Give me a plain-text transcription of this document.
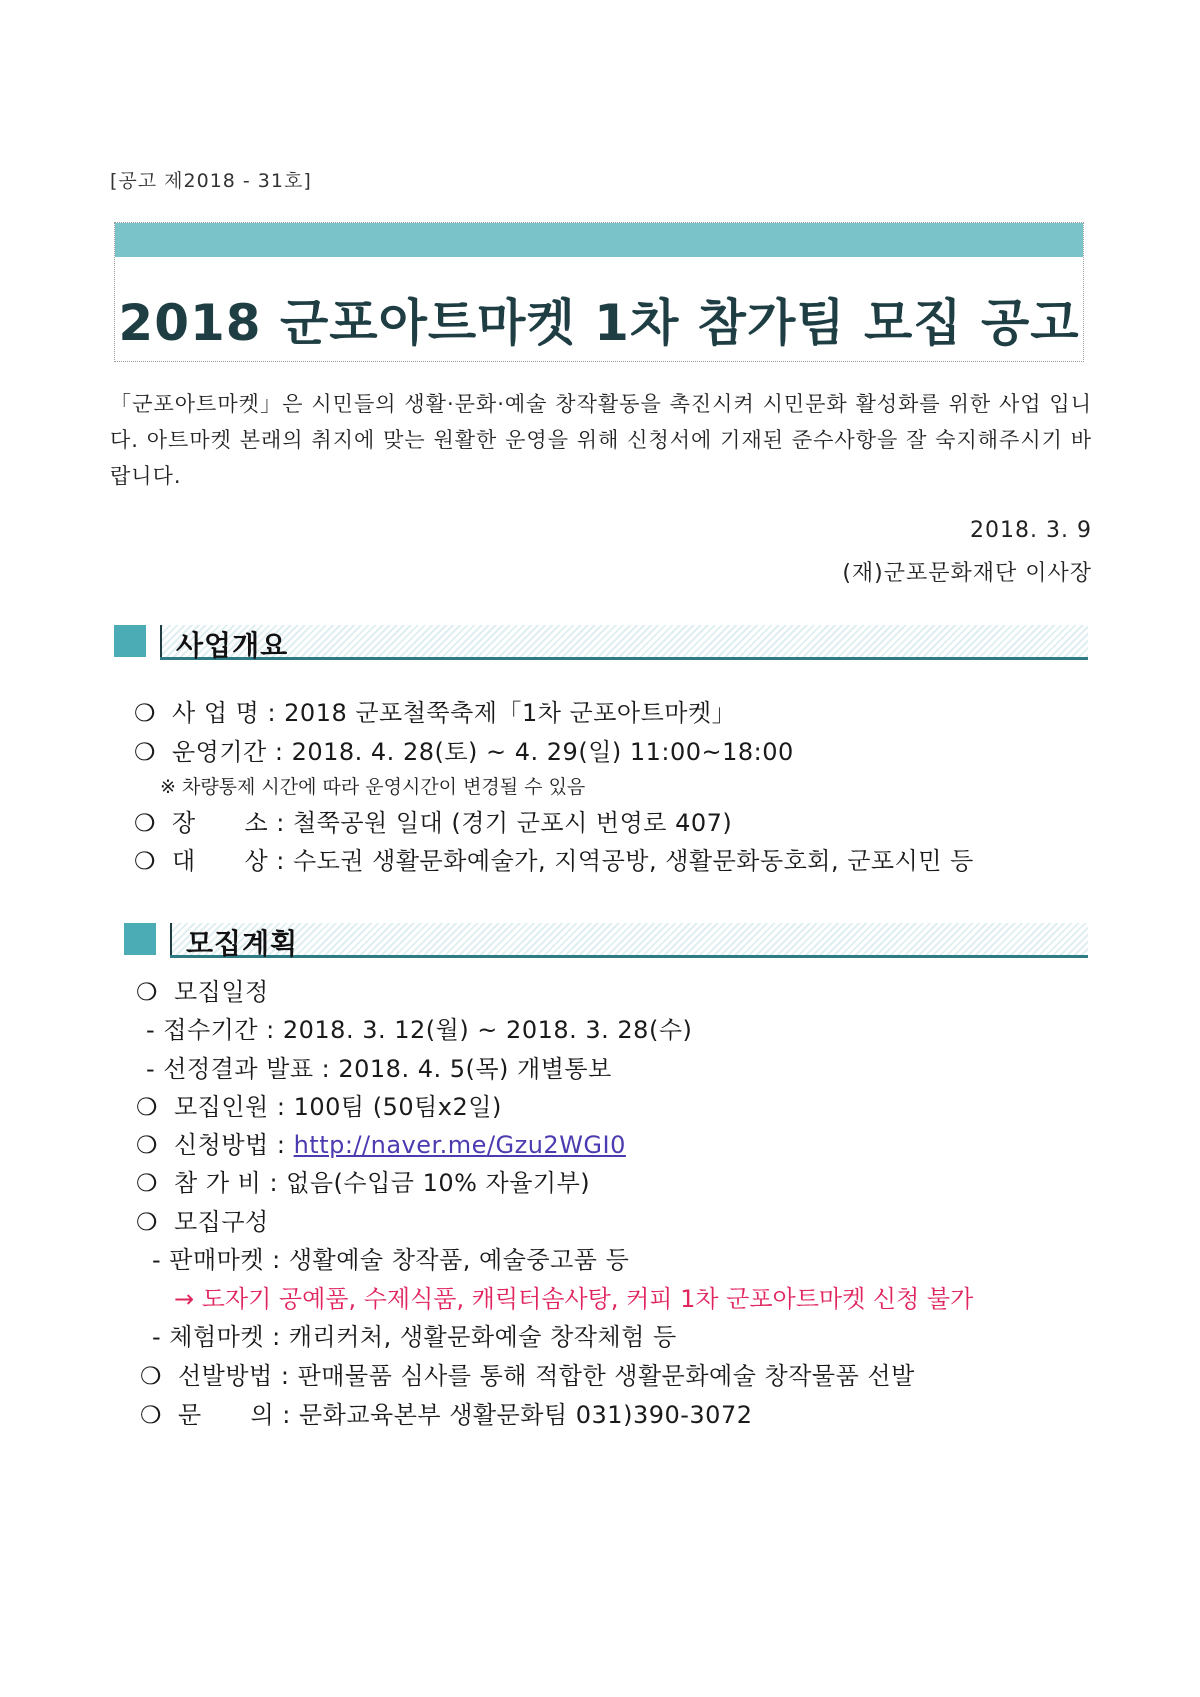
[공고 제2018 - 31호]
2018 군포아트마켓 1차 참가팀 모집 공고
「군포아트마켓」은 시민들의 생활·문화·예술 창작활동을 촉진시켜 시민문화 활성화를 위한 사업 입니다. 아트마켓 본래의 취지에 맞는 원활한 운영을 위해 신청서에 기재된 준수사항을 잘 숙지해주시기 바랍니다.
2018. 3. 9
(재)군포문화재단 이사장
사업개요
❍ 사 업 명 : 2018 군포철쭉축제「1차 군포아트마켓」
❍ 운영기간 : 2018. 4. 28(토) ~ 4. 29(일) 11:00~18:00
※ 차량통제 시간에 따라 운영시간이 변경될 수 있음
❍ 장      소 : 철쭉공원 일대 (경기 군포시 번영로 407)
❍ 대      상 : 수도권 생활문화예술가, 지역공방, 생활문화동호회, 군포시민 등
모집계획
❍ 모집일정
- 접수기간 : 2018. 3. 12(월) ~ 2018. 3. 28(수)
- 선정결과 발표 : 2018. 4. 5(목) 개별통보
❍ 모집인원 : 100팀 (50팀x2일)
❍ 신청방법 : http://naver.me/Gzu2WGI0
❍ 참 가 비 : 없음(수입금 10% 자율기부)
❍ 모집구성
- 판매마켓 : 생활예술 창작품, 예술중고품 등
→ 도자기 공예품, 수제식품, 캐릭터솜사탕, 커피 1차 군포아트마켓 신청 불가
- 체험마켓 : 캐리커처, 생활문화예술 창작체험 등
❍ 선발방법 : 판매물품 심사를 통해 적합한 생활문화예술 창작물품 선발
❍ 문      의 : 문화교육본부 생활문화팀 031)390-3072
